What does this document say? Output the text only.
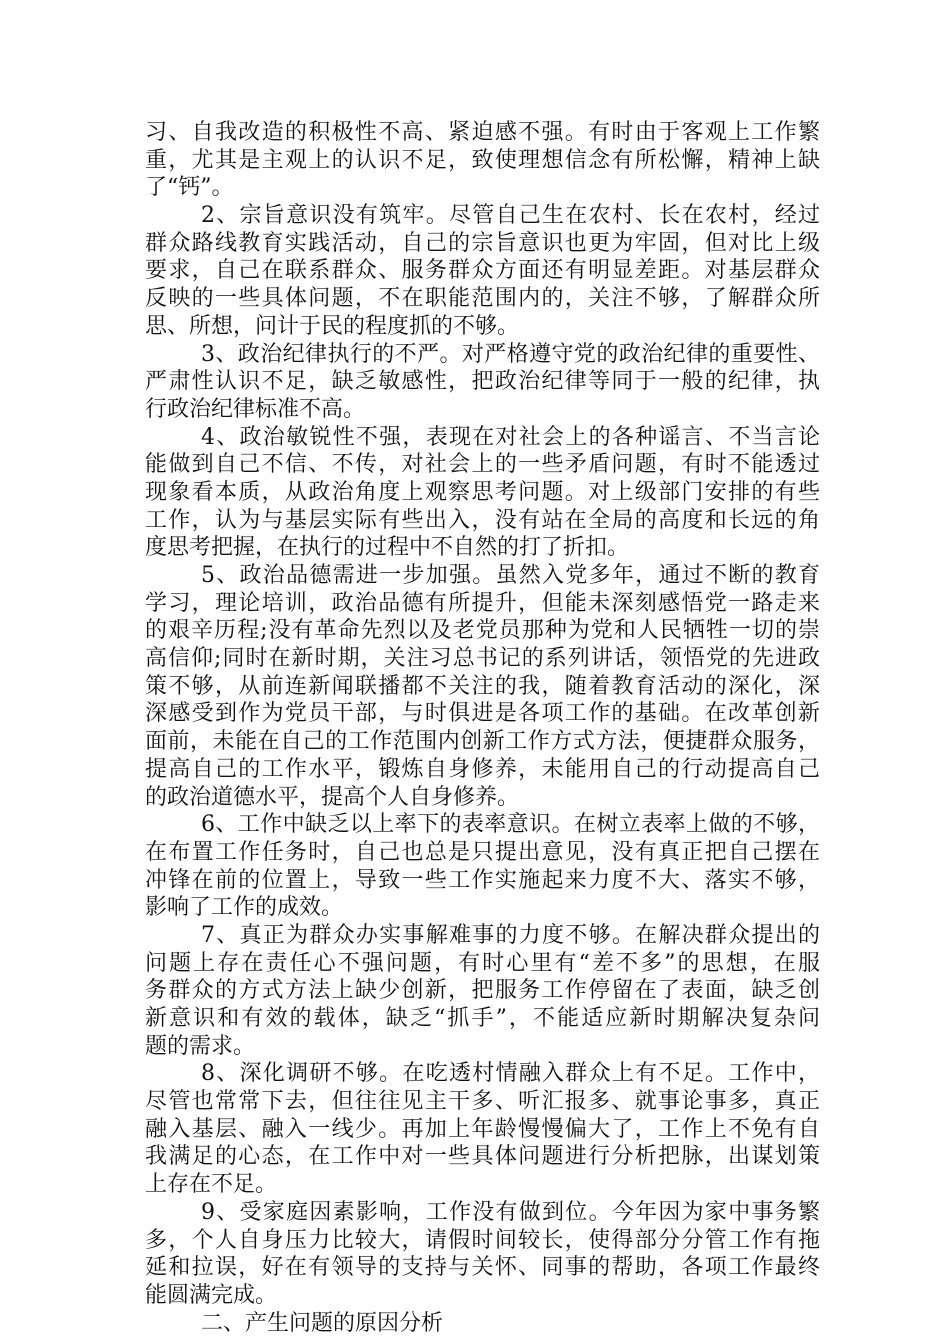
习、自我改造的积极性不高、紧迫感不强。有时由于客观上工作繁
重，尤其是主观上的认识不足，致使理想信念有所松懈，精神上缺
了“钙”。
2、宗旨意识没有筑牢。尽管自己生在农村、长在农村，经过
群众路线教育实践活动，自己的宗旨意识也更为牢固，但对比上级
要求，自己在联系群众、服务群众方面还有明显差距。对基层群众
反映的一些具体问题，不在职能范围内的，关注不够，了解群众所
思、所想，问计于民的程度抓的不够。
3、政治纪律执行的不严。对严格遵守党的政治纪律的重要性、
严肃性认识不足，缺乏敏感性，把政治纪律等同于一般的纪律，执
行政治纪律标准不高。
4、政治敏锐性不强，表现在对社会上的各种谣言、不当言论
能做到自己不信、不传，对社会上的一些矛盾问题，有时不能透过
现象看本质，从政治角度上观察思考问题。对上级部门安排的有些
工作，认为与基层实际有些出入，没有站在全局的高度和长远的角
度思考把握，在执行的过程中不自然的打了折扣。
5、政治品德需进一步加强。虽然入党多年，通过不断的教育
学习，理论培训，政治品德有所提升，但能未深刻感悟党一路走来
的艰辛历程;没有革命先烈以及老党员那种为党和人民牺牲一切的崇
高信仰;同时在新时期，关注习总书记的系列讲话，领悟党的先进政
策不够，从前连新闻联播都不关注的我，随着教育活动的深化，深
深感受到作为党员干部，与时俱进是各项工作的基础。在改革创新
面前，未能在自己的工作范围内创新工作方式方法，便捷群众服务，
提高自己的工作水平，锻炼自身修养，未能用自己的行动提高自己
的政治道德水平，提高个人自身修养。
6、工作中缺乏以上率下的表率意识。在树立表率上做的不够，
在布置工作任务时，自己也总是只提出意见，没有真正把自己摆在
冲锋在前的位置上，导致一些工作实施起来力度不大、落实不够，
影响了工作的成效。
7、真正为群众办实事解难事的力度不够。在解决群众提出的
问题上存在责任心不强问题，有时心里有“差不多”的思想，在服
务群众的方式方法上缺少创新，把服务工作停留在了表面，缺乏创
新意识和有效的载体，缺乏“抓手”，不能适应新时期解决复杂问
题的需求。
8、深化调研不够。在吃透村情融入群众上有不足。工作中，
尽管也常常下去，但往往见主干多、听汇报多、就事论事多，真正
融入基层、融入一线少。再加上年龄慢慢偏大了，工作上不免有自
我满足的心态，在工作中对一些具体问题进行分析把脉，出谋划策
上存在不足。
9、受家庭因素影响，工作没有做到位。今年因为家中事务繁
多，个人自身压力比较大，请假时间较长，使得部分分管工作有拖
延和拉误，好在有领导的支持与关怀、同事的帮助，各项工作最终
能圆满完成。
二、产生问题的原因分析
